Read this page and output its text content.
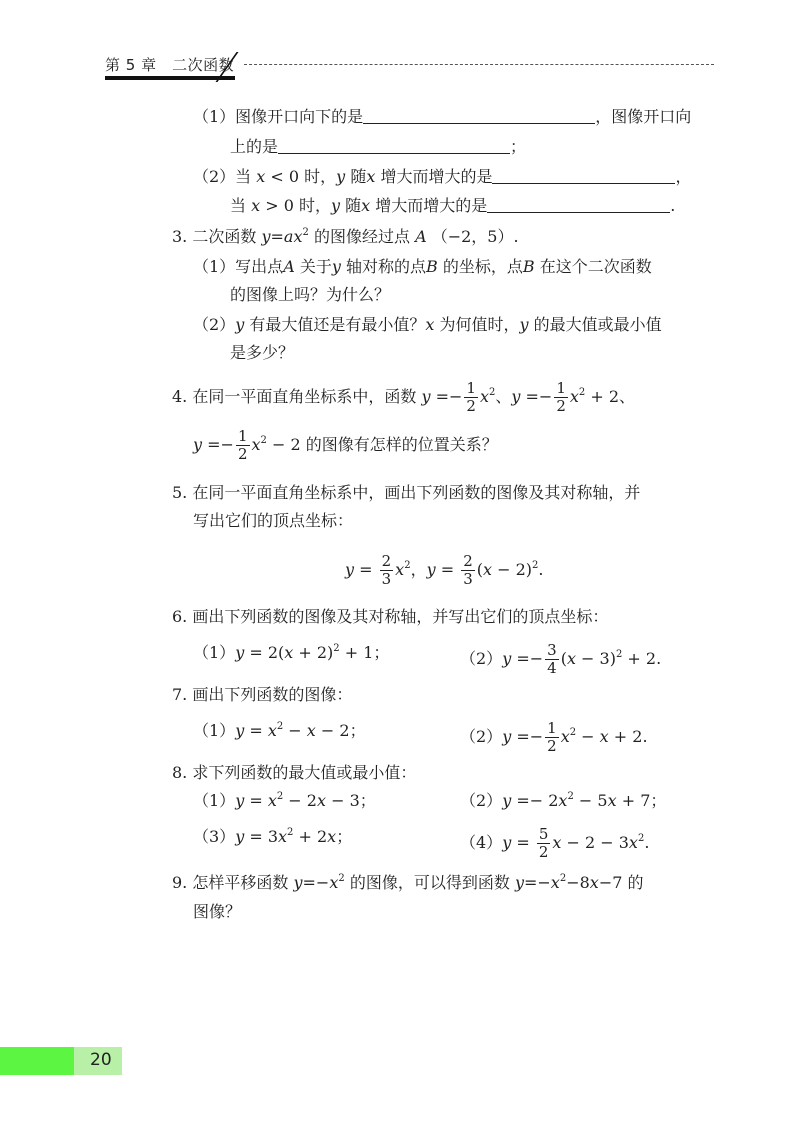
第 5 章　二次函数
（1）图像开口向下的是	，图像开口向
上的是	；
（2）当 x < 0 时，y 随x 增大而增大的是	，
当 x > 0 时，y 随x 增大而增大的是	.
3. 二次函数 $y=ax^2$ 的图像经过点 A （−2，5）.
（1）写出点A 关于y 轴对称的点B 的坐标，点B 在这个二次函数
的图像上吗？为什么？
（2）y 有最大值还是有最小值？x 为何值时，y 的最大值或最小值
是多少？
4. 在同一平面直角坐标系中，函数 $y =- \frac{1}{2} x^2$、$y =- \frac{1}{2} x^2 + 2$、
$y =- \frac{1}{2} x^2 - 2$ 的图像有怎样的位置关系？
5. 在同一平面直角坐标系中，画出下列函数的图像及其对称轴，并
写出它们的顶点坐标：
$y = \frac{2}{3} x^2$，$y = \frac{2}{3} (x - 2)^2$.
6. 画出下列函数的图像及其对称轴，并写出它们的顶点坐标：
$(1)y = 2(x + 2)^2 + 1$；	$(2)y =- \frac{3}{4} (x - 3)^2 + 2$.
7. 画出下列函数的图像：
$(1)y = x^2 - x - 2$；	$(2)y =- \frac{1}{2} x^2 - x + 2$.
8. 求下列函数的最大值或最小值：
$(1)y = x^2 - 2x - 3$；	$(2)y =- 2x^2 - 5x + 7$；
$(3)y = 3x^2 + 2x$；	$(4)y = \frac{5}{2}$ $x - 2 - 3x^2$.
9. 怎样平移函数 $y=-x^2$ 的图像，可以得到函数 $y=-x^2-8x-7$ 的
图像？
20
